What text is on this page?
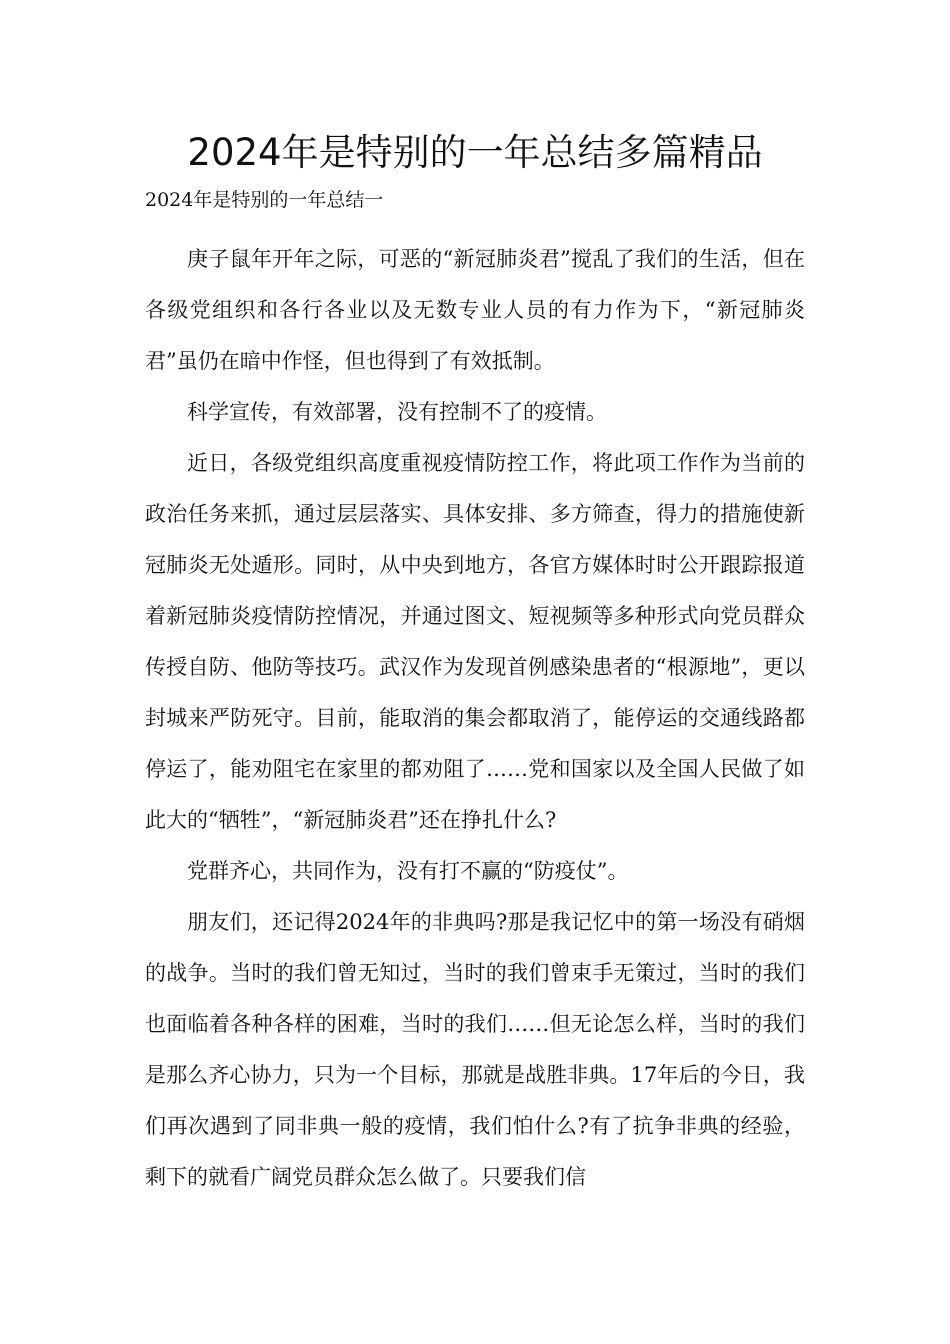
2024年是特别的一年总结多篇精品

2024年是特别的一年总结一

庚子鼠年开年之际，可恶的“新冠肺炎君”搅乱了我们的生活，但在各级党组织和各行各业以及无数专业人员的有力作为下，“新冠肺炎君”虽仍在暗中作怪，但也得到了有效抵制。

科学宣传，有效部署，没有控制不了的疫情。

近日，各级党组织高度重视疫情防控工作，将此项工作作为当前的政治任务来抓，通过层层落实、具体安排、多方筛查，得力的措施使新冠肺炎无处遁形。同时，从中央到地方，各官方媒体时时公开跟踪报道着新冠肺炎疫情防控情况，并通过图文、短视频等多种形式向党员群众传授自防、他防等技巧。武汉作为发现首例感染患者的“根源地”，更以封城来严防死守。目前，能取消的集会都取消了，能停运的交通线路都停运了，能劝阻宅在家里的都劝阻了……党和国家以及全国人民做了如此大的“牺牲”，“新冠肺炎君”还在挣扎什么?

党群齐心，共同作为，没有打不赢的“防疫仗”。

朋友们，还记得2024年的非典吗?那是我记忆中的第一场没有硝烟的战争。当时的我们曾无知过，当时的我们曾束手无策过，当时的我们也面临着各种各样的困难，当时的我们……但无论怎么样，当时的我们是那么齐心协力，只为一个目标，那就是战胜非典。17年后的今日，我们再次遇到了同非典一般的疫情，我们怕什么?有了抗争非典的经验，剩下的就看广阔党员群众怎么做了。只要我们信
